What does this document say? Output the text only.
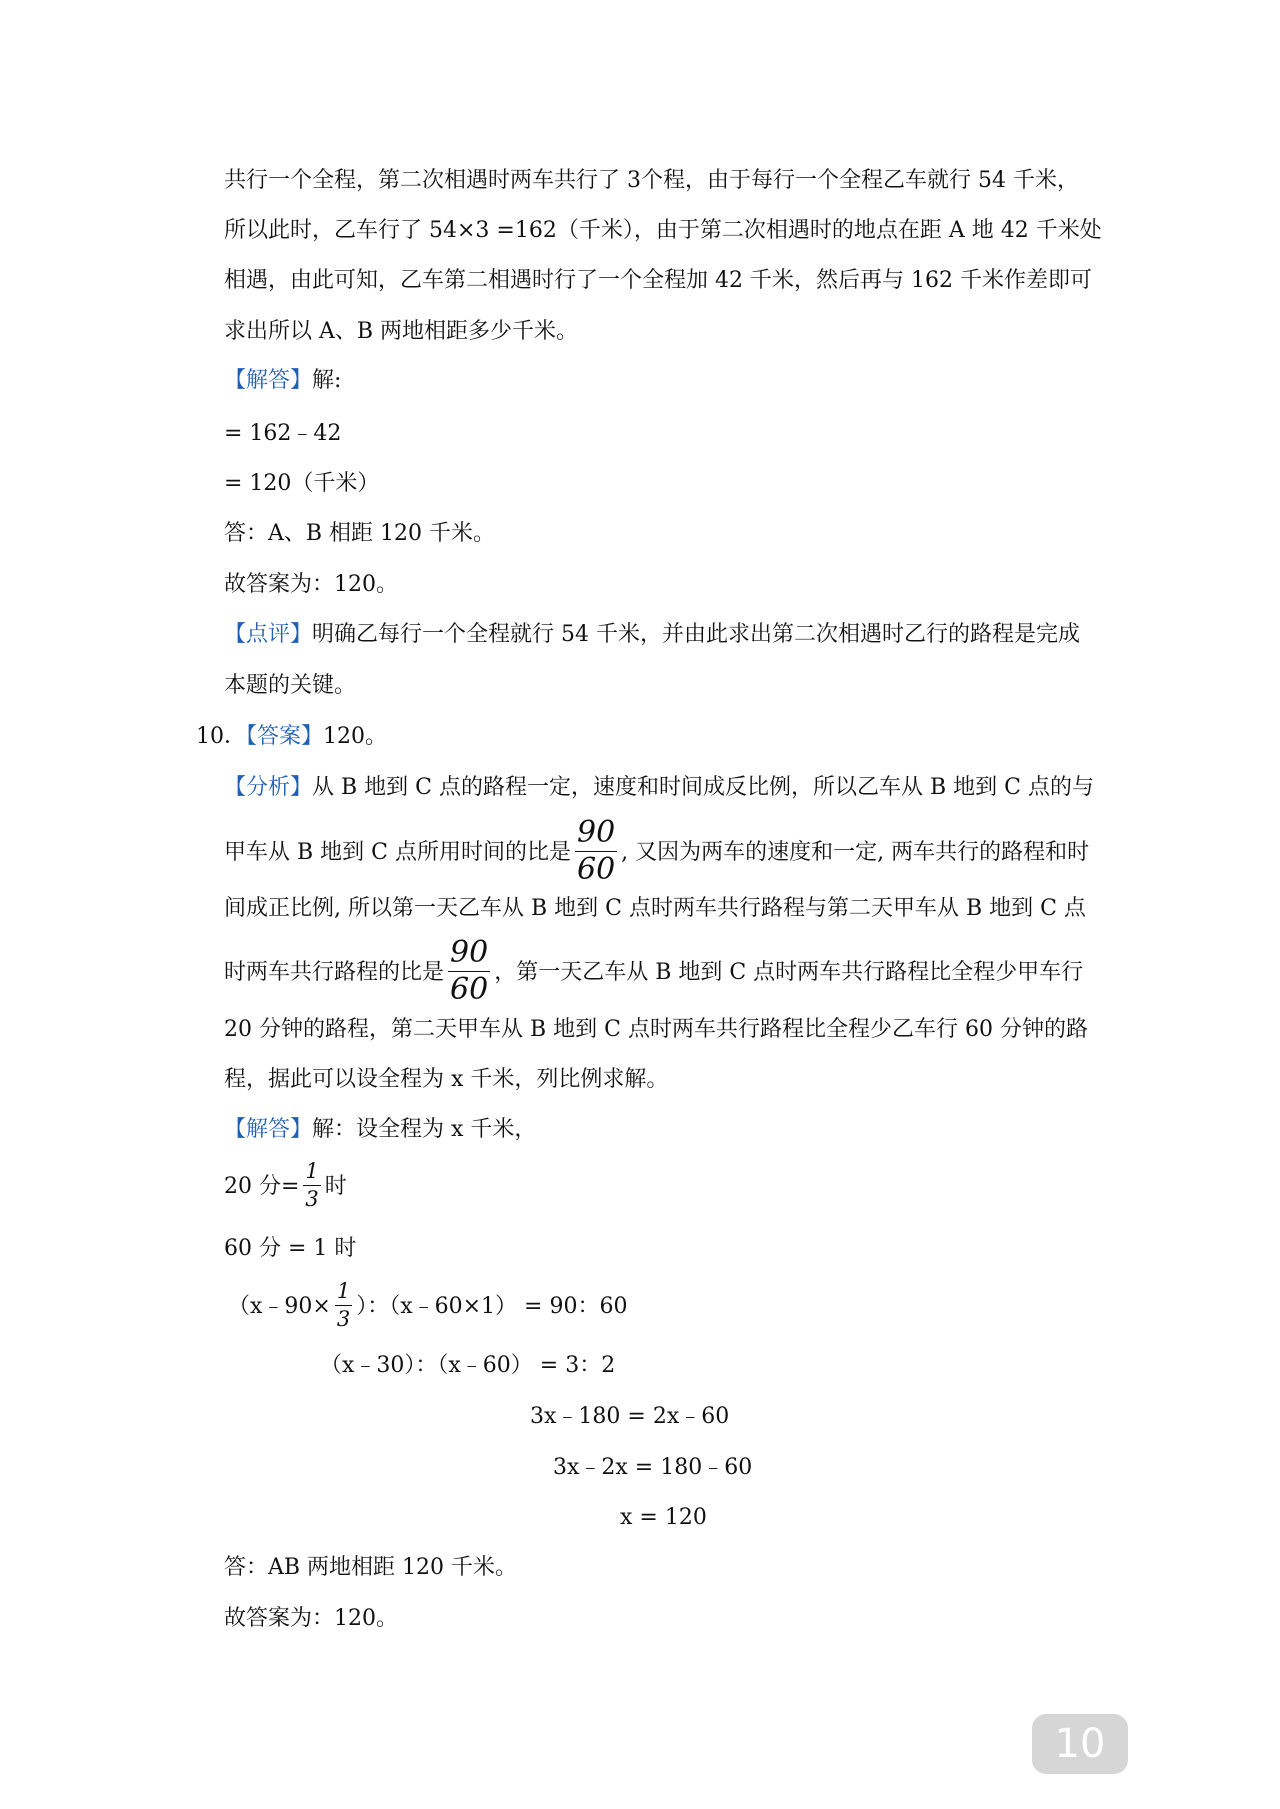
共行一个全程，第二次相遇时两车共行了 3个程，由于每行一个全程乙车就行 54 千米，
所以此时，乙车行了 54×3 =162（千米），由于第二次相遇时的地点在距 A 地 42 千米处
相遇，由此可知，乙车第二相遇时行了一个全程加 42 千米，然后再与 162 千米作差即可
求出所以 A、B 两地相距多少千米。
【解答】解:
= 162﹣42
= 120（千米）
答：A、B 相距 120 千米。
故答案为：120。
【点评】明确乙每行一个全程就行 54 千米，并由此求出第二次相遇时乙行的路程是完成
本题的关键。
10．【答案】120。
【分析】从 B 地到 C 点的路程一定，速度和时间成反比例，所以乙车从 B 地到 C 点的与
甲车从 B 地到 C 点所用时间的比是 $\frac{90}{60}$ , 又因为两车的速度和一定, 两车共行的路程和时
间成正比例, 所以第一天乙车从 B 地到 C 点时两车共行路程与第二天甲车从 B 地到 C 点
时两车共行路程的比是 $\frac{90}{60}$ ，第一天乙车从 B 地到 C 点时两车共行路程比全程少甲车行
20 分钟的路程，第二天甲车从 B 地到 C 点时两车共行路程比全程少乙车行 60 分钟的路
程，据此可以设全程为 x 千米，列比例求解。
【解答】解：设全程为 x 千米，
20 分= $\frac{1}{3}$ 时
60 分 = 1 时
（x﹣90× $\frac{1}{3}$ ）：（x﹣60×1） = 90：60
（x﹣30）：（x﹣60） = 3：2
3x﹣180 = 2x﹣60
3x﹣2x = 180﹣60
x = 120
答：AB 两地相距 120 千米。
故答案为：120。
10
